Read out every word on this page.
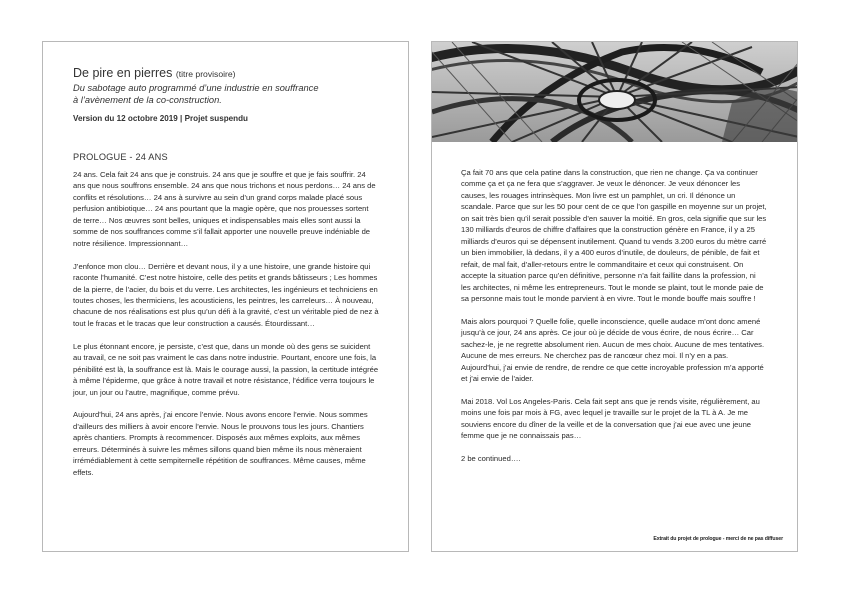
De pire en pierres (titre provisoire)
Du sabotage auto programmé d’une industrie en souffrance
à l’avènement de la co-construction.
Version du 12 octobre 2019 | Projet suspendu
PROLOGUE - 24 ANS

24 ans. Cela fait 24 ans que je construis. 24 ans que je souffre et que je fais souffrir. 24 ans que nous souffrons ensemble. 24 ans que nous trichons et nous perdons… 24 ans de conflits et résolutions… 24 ans à survivre au sein d’un grand corps malade placé sous perfusion antibiotique… 24 ans pourtant que la magie opère, que nos prouesses sortent de terre… Nos œuvres sont belles, uniques et indispensables mais elles sont aussi la somme de nos souffrances comme s’il fallait apporter une nouvelle preuve indéniable de notre résilience. Impressionnant…

J’enfonce mon clou… Derrière et devant nous, il y a une histoire, une grande histoire qui raconte l’humanité. C’est notre histoire, celle des petits et grands bâtisseurs ; Les hommes de la pierre, de l’acier, du bois et du verre. Les architectes, les ingénieurs et techniciens en toutes choses, les thermiciens, les acousticiens, les peintres, les carreleurs… À nouveau, chacune de nos réalisations est plus qu’un défi à la gravité, c’est un véritable pied de nez à tout le fracas et le tracas que leur construction a causés. Étourdissant…

Le plus étonnant encore, je persiste, c’est que, dans un monde où des gens se suicident au travail, ce ne soit pas vraiment le cas dans notre industrie. Pourtant, encore une fois, la pénibilité est là, la souffrance est là. Mais le courage aussi, la passion, la certitude intégrée à même l’épiderme, que grâce à notre travail et notre résistance, l’édifice verra toujours le jour, un jour ou l’autre, magnifique, comme prévu.

Aujourd’hui, 24 ans après, j’ai encore l’envie. Nous avons encore l’envie. Nous sommes d’ailleurs des milliers à avoir encore l’envie. Nous le prouvons tous les jours. Chantiers après chantiers. Prompts à recommencer. Disposés aux mêmes exploits, aux mêmes erreurs. Déterminés à suivre les mêmes sillons quand bien même ils nous mèneraient irrémédiablement à cette sempiternelle répétition de souffrances. Même causes, même effets.

Ça fait 70 ans que cela patine dans la construction, que rien ne change. Ça va continuer comme ça et ça ne fera que s’aggraver. Je veux le dénoncer. Je veux dénoncer les causes, les rouages intrinsèques. Mon livre est un pamphlet, un cri. Il dénonce un scandale. Parce que sur les 50 pour cent de ce que l’on gaspille en moyenne sur un projet, on sait très bien qu’il serait possible d’en sauver la moitié. En gros, cela signifie que sur les 130 milliards d’euros de chiffre d’affaires que la construction génère en France, il y a 25 milliards d’euros qui se dépensent inutilement. Quand tu vends 3.200 euros du mètre carré un bien immobilier, là dedans, il y a 400 euros d’inutile, de douleurs, de pénible, de fait et refait, de mal fait, d’aller-retours entre le commanditaire et ceux qui construisent. On accepte la situation parce qu’en définitive, personne n’a fait faillite dans la profession, ni les architectes, ni même les entrepreneurs. Tout le monde se plaint, tout le monde paie de sa personne mais tout le monde parvient à en vivre. Tout le monde bouffe mais souffre !

Mais alors pourquoi ? Quelle folie, quelle inconscience, quelle audace m’ont donc amené jusqu’à ce jour, 24 ans après. Ce jour où je décide de vous écrire, de nous écrire… Car sachez-le, je ne regrette absolument rien. Aucun de mes choix. Aucune de mes tentatives. Aucune de mes erreurs. Ne cherchez pas de rancœur chez moi. Il n’y en a pas. Aujourd’hui, j’ai envie de rendre, de rendre ce que cette incroyable profession m’a apporté et j’ai envie de l’aider.

Mai 2018. Vol Los Angeles-Paris. Cela fait sept ans que je rends visite, régulièrement, au moins une fois par mois à FG, avec lequel je travaille sur le projet de la TL à A. Je me souviens encore du dîner de la veille et de la conversation que j’ai eue avec une jeune femme que je ne connaissais pas…

2 be continued….

Extrait du projet de prologue - merci de ne pas diffuser
